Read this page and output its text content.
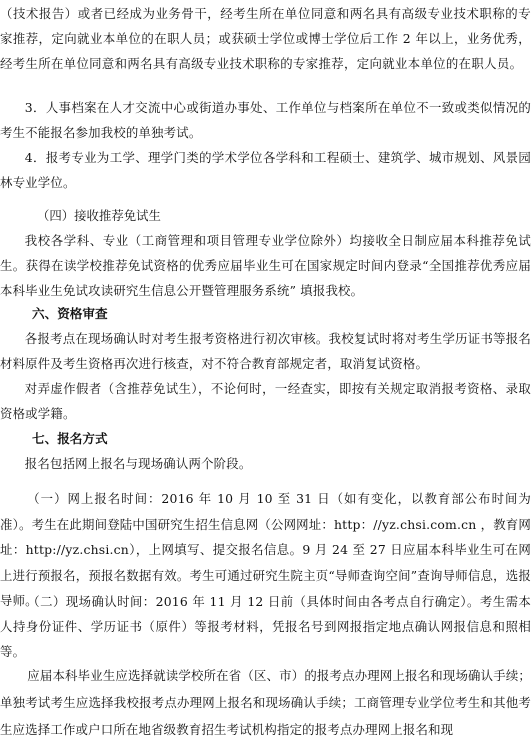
（技术报告）或者已经成为业务骨干，经考生所在单位同意和两名具有高级专业技术职称的专家推荐，定向就业本单位的在职人员；或获硕士学位或博士学位后工作 2 年以上，业务优秀，经考生所在单位同意和两名具有高级专业技术职称的专家推荐，定向就业本单位的在职人员。

3．人事档案在人才交流中心或街道办事处、工作单位与档案所在单位不一致或类似情况的考生不能报名参加我校的单独考试。

4．报考专业为工学、理学门类的学术学位各学科和工程硕士、建筑学、城市规划、风景园林专业学位。

（四）接收推荐免试生

我校各学科、专业（工商管理和项目管理专业学位除外）均接收全日制应届本科推荐免试生。获得在读学校推荐免试资格的优秀应届毕业生可在国家规定时间内登录“全国推荐优秀应届本科毕业生免试攻读研究生信息公开暨管理服务系统” 填报我校。

六、资格审查

各报考点在现场确认时对考生报考资格进行初次审核。我校复试时将对考生学历证书等报名材料原件及考生资格再次进行核查，对不符合教育部规定者，取消复试资格。

对弄虚作假者（含推荐免试生），不论何时，一经查实，即按有关规定取消报考资格、录取资格或学籍。

七、报名方式

报名包括网上报名与现场确认两个阶段。

（一）网上报名时间：2016 年 10 月 10 至 31 日（如有变化，以教育部公布时间为准）。考生在此期间登陆中国研究生招生信息网（公网网址：http：//yz.chsi.com.cn ，教育网址：http://yz.chsi.cn），上网填写、提交报名信息。9 月 24 至 27 日应届本科毕业生可在网上进行预报名，预报名数据有效。考生可通过研究生院主页“导师查询空间”查询导师信息，选报导师。

（二）现场确认时间：2016 年 11 月 12 日前（具体时间由各考点自行确定）。考生需本人持身份证件、学历证书（原件）等报考材料，凭报名号到网报指定地点确认网报信息和照相等。

应届本科毕业生应选择就读学校所在省（区、市）的报考点办理网上报名和现场确认手续；单独考试考生应选择我校报考点办理网上报名和现场确认手续；工商管理专业学位考生和其他考生应选择工作或户口所在地省级教育招生考试机构指定的报考点办理网上报名和现
